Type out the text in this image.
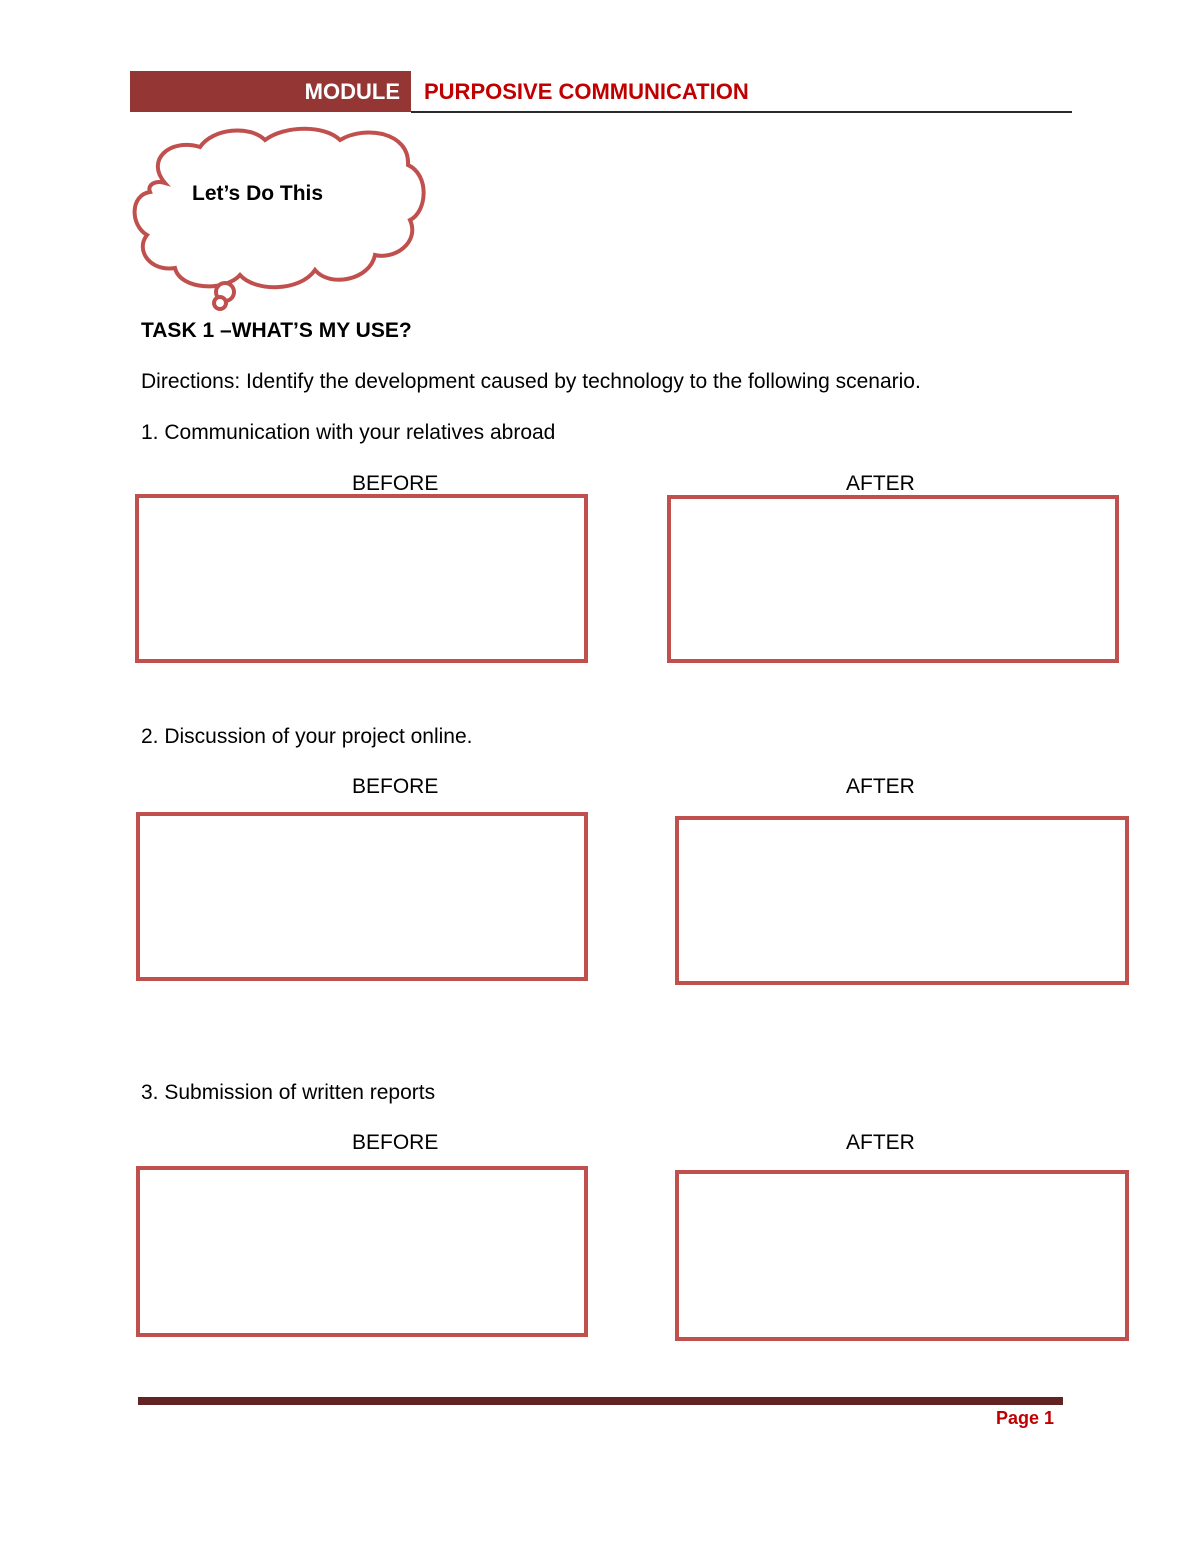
MODULE PURPOSIVE COMMUNICATION
Let’s Do This
TASK 1 –WHAT’S MY USE?
Directions: Identify the development caused by technology to the following scenario.
1. Communication with your relatives abroad
BEFORE	AFTER
2. Discussion of your project online.
BEFORE	AFTER
3. Submission of written reports
BEFORE	AFTER
Page 1
